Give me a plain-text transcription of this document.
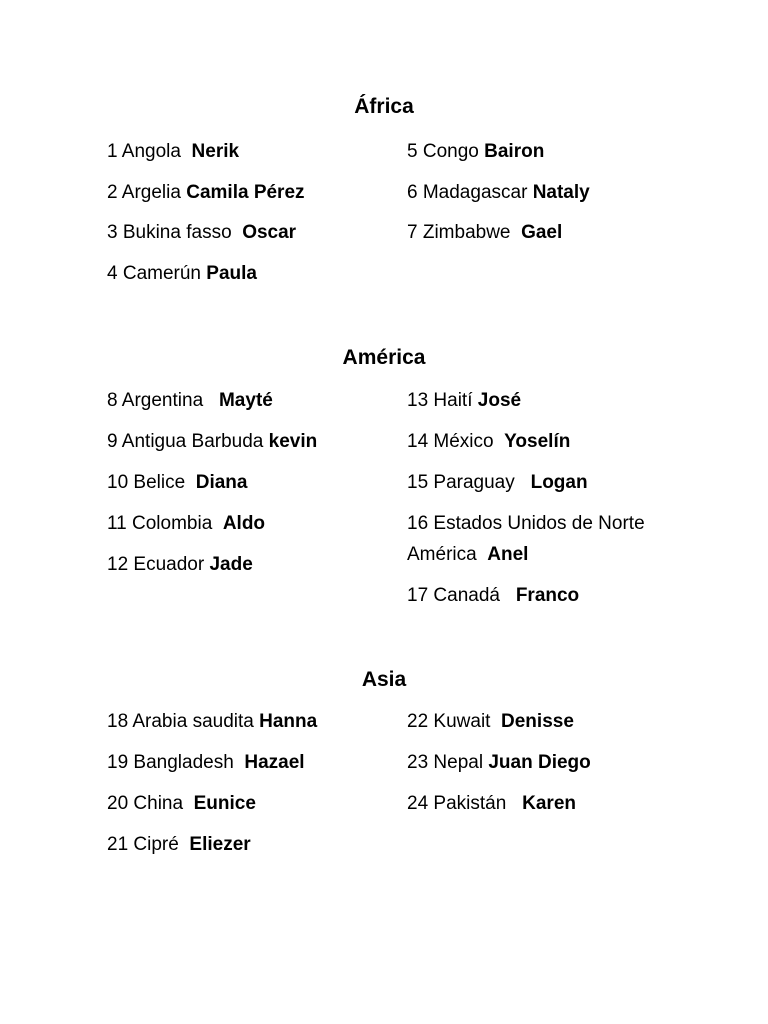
África
1 Angola Nerik
2 Argelia Camila Pérez
3 Bukina fasso Oscar
4 Camerún Paula
5 Congo Bairon
6 Madagascar Nataly
7 Zimbabwe Gael
América
8 Argentina Mayté
9 Antigua Barbuda kevin
10 Belice Diana
11 Colombia Aldo
12 Ecuador Jade
13 Haití José
14 México Yoselín
15 Paraguay Logan
16 Estados Unidos de Norte América Anel
17 Canadá Franco
Asia
18 Arabia saudita Hanna
19 Bangladesh Hazael
20 China Eunice
21 Cipré Eliezer
22 Kuwait Denisse
23 Nepal Juan Diego
24 Pakistán Karen
